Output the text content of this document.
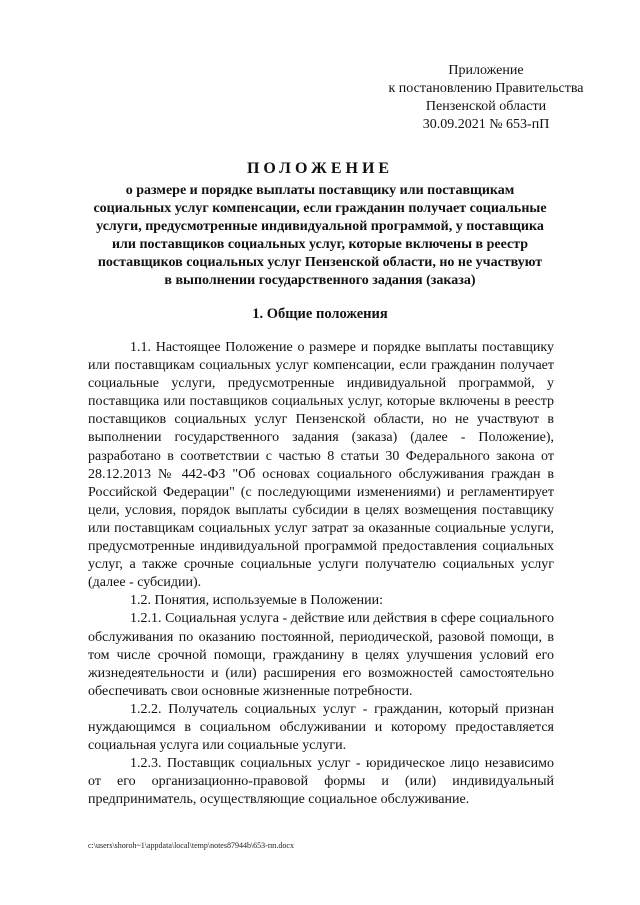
Приложение
к постановлению Правительства
Пензенской области
30.09.2021 № 653-пП
ПОЛОЖЕНИЕ
о размере и порядке выплаты поставщику или поставщикам
социальных услуг компенсации, если гражданин получает социальные
услуги, предусмотренные индивидуальной программой, у поставщика
или поставщиков социальных услуг, которые включены в реестр
поставщиков социальных услуг Пензенской области, но не участвуют
в выполнении государственного задания (заказа)
1. Общие положения

1.1. Настоящее Положение о размере и порядке выплаты поставщику или поставщикам социальных услуг компенсации, если гражданин получает социальные услуги, предусмотренные индивидуальной программой, у поставщика или поставщиков социальных услуг, которые включены в реестр поставщиков социальных услуг Пензенской области, но не участвуют в выполнении государственного задания (заказа) (далее - Положение), разработано в соответствии с частью 8 статьи 30 Федерального закона от 28.12.2013 № 442-ФЗ "Об основах социального обслуживания граждан в Российской Федерации" (с последующими изменениями) и регламентирует цели, условия, порядок выплаты субсидии в целях возмещения поставщику или поставщикам социальных услуг затрат за оказанные социальные услуги, предусмотренные индивидуальной программой предоставления социальных услуг, а также срочные социальные услуги получателю социальных услуг (далее - субсидии).

1.2. Понятия, используемые в Положении:

1.2.1. Социальная услуга - действие или действия в сфере социального обслуживания по оказанию постоянной, периодической, разовой помощи, в том числе срочной помощи, гражданину в целях улучшения условий его жизнедеятельности и (или) расширения его возможностей самостоятельно обеспечивать свои основные жизненные потребности.

1.2.2. Получатель социальных услуг - гражданин, который признан нуждающимся в социальном обслуживании и которому предоставляется социальная услуга или социальные услуги.

1.2.3. Поставщик социальных услуг - юридическое лицо независимо от его организационно-правовой формы и (или) индивидуальный предприниматель, осуществляющие социальное обслуживание.

c:\users\shoroh~1\appdata\local\temp\notes87944b\653-пп.docx
